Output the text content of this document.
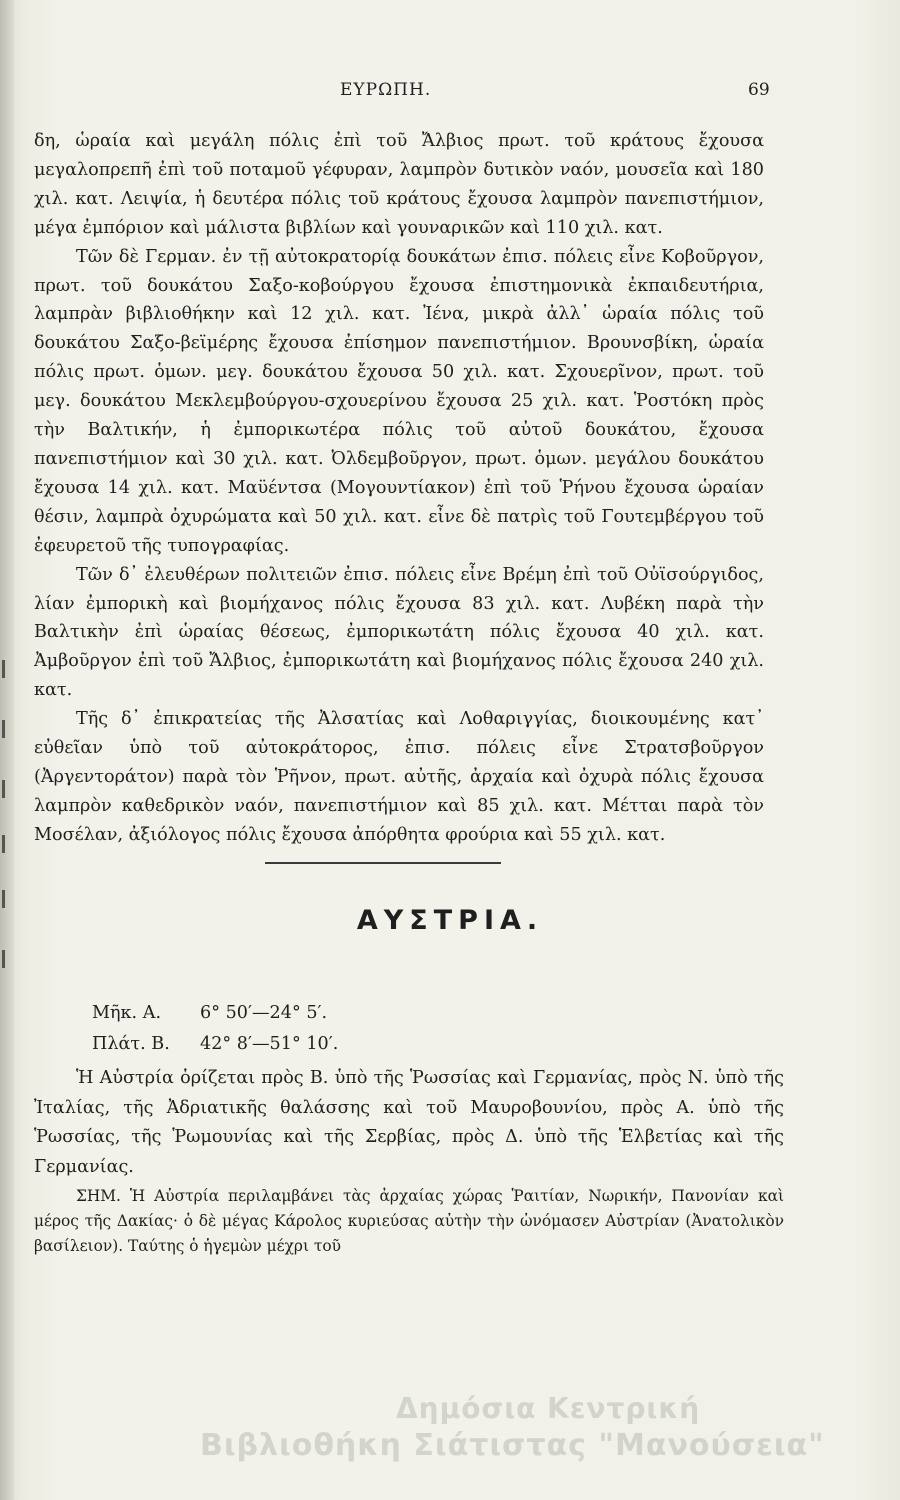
ΕΥΡΩΠΗ.	69

δη, ὡραία καὶ μεγάλη πόλις ἐπὶ τοῦ Ἄλβιος πρωτ. τοῦ κράτους ἔχουσα μεγαλοπρεπῆ ἐπὶ τοῦ ποταμοῦ γέφυραν, λαμπρὸν δυτικὸν ναόν, μουσεῖα καὶ 180 χιλ. κατ. Λειψία, ἡ δευτέρα πόλις τοῦ κράτους ἔχουσα λαμπρὸν πανεπιστήμιον, μέγα ἐμπόριον καὶ μάλιστα βιβλίων καὶ γουναρικῶν καὶ 110 χιλ. κατ.

Τῶν δὲ Γερμαν. ἐν τῇ αὐτοκρατορίᾳ δουκάτων ἐπισ. πόλεις εἶνε Κοβοῦργον, πρωτ. τοῦ δουκάτου Σαξο-κοβούργου ἔχουσα ἐπιστημονικὰ ἐκπαιδευτήρια, λαμπρὰν βιβλιοθήκην καὶ 12 χιλ. κατ. Ἰένα, μικρὰ ἀλλ᾽ ὡραία πόλις τοῦ δουκάτου Σαξο-βεϊμέρης ἔχουσα ἐπίσημον πανεπιστήμιον. Βρουνσβίκη, ὡραία πόλις πρωτ. ὁμων. μεγ. δουκάτου ἔχουσα 50 χιλ. κατ. Σχουερῖνον, πρωτ. τοῦ μεγ. δουκάτου Μεκλεμβούργου-σχουερίνου ἔχουσα 25 χιλ. κατ. Ῥοστόκη πρὸς τὴν Βαλτικήν, ἡ ἐμπορικωτέρα πόλις τοῦ αὐτοῦ δουκάτου, ἔχουσα πανεπιστήμιον καὶ 30 χιλ. κατ. Ὀλδεμβοῦργον, πρωτ. ὁμων. μεγάλου δουκάτου ἔχουσα 14 χιλ. κατ. Μαϋέντσα (Μογουντίακον) ἐπὶ τοῦ Ῥήνου ἔχουσα ὡραίαν θέσιν, λαμπρὰ ὀχυρώματα καὶ 50 χιλ. κατ. εἶνε δὲ πατρὶς τοῦ Γουτεμβέργου τοῦ ἐφευρετοῦ τῆς τυπογραφίας.

Τῶν δ᾽ ἐλευθέρων πολιτειῶν ἐπισ. πόλεις εἶνε Βρέμη ἐπὶ τοῦ Οὐϊσούργιδος, λίαν ἐμπορικὴ καὶ βιομήχανος πόλις ἔχουσα 83 χιλ. κατ. Λυβέκη παρὰ τὴν Βαλτικὴν ἐπὶ ὡραίας θέσεως, ἐμπορικωτάτη πόλις ἔχουσα 40 χιλ. κατ. Ἀμβοῦργον ἐπὶ τοῦ Ἄλβιος, ἐμπορικωτάτη καὶ βιομήχανος πόλις ἔχουσα 240 χιλ. κατ.

Τῆς δ᾽ ἐπικρατείας τῆς Ἀλσατίας καὶ Λοθαριγγίας, διοικουμένης κατ᾽ εὐθεῖαν ὑπὸ τοῦ αὐτοκράτορος, ἐπισ. πόλεις εἶνε Στρατσβοῦργον (Ἀργεντοράτον) παρὰ τὸν Ῥῆνον, πρωτ. αὐτῆς, ἀρχαία καὶ ὀχυρὰ πόλις ἔχουσα λαμπρὸν καθεδρικὸν ναόν, πανεπιστήμιον καὶ 85 χιλ. κατ. Μέτται παρὰ τὸν Μοσέλαν, ἀξιόλογος πόλις ἔχουσα ἀπόρθητα φρούρια καὶ 55 χιλ. κατ.

ΑΥΣΤΡΙΑ.
Μῆκ. Α. 6° 50′—24° 5′.
Πλάτ. Β. 42° 8′—51° 10′.

Ἡ Αὐστρία ὁρίζεται πρὸς Β. ὑπὸ τῆς Ῥωσσίας καὶ Γερμανίας, πρὸς Ν. ὑπὸ τῆς Ἰταλίας, τῆς Ἀδριατικῆς θαλάσσης καὶ τοῦ Μαυροβουνίου, πρὸς Α. ὑπὸ τῆς Ῥωσσίας, τῆς Ῥωμουνίας καὶ τῆς Σερβίας, πρὸς Δ. ὑπὸ τῆς Ἑλβετίας καὶ τῆς Γερμανίας.

ΣΗΜ. Ἡ Αὐστρία περιλαμβάνει τὰς ἀρχαίας χώρας Ῥαιτίαν, Νωρικήν, Πανονίαν καὶ μέρος τῆς Δακίας· ὁ δὲ μέγας Κάρολος κυριεύσας αὐτὴν τὴν ὠνόμασεν Αὐστρίαν (Ἀνατολικὸν βασίλειον). Ταύτης ὁ ἡγεμὼν μέχρι τοῦ

Δημόσια Κεντρική
Βιβλιοθήκη Σιάτιστας "Μανούσεια"
